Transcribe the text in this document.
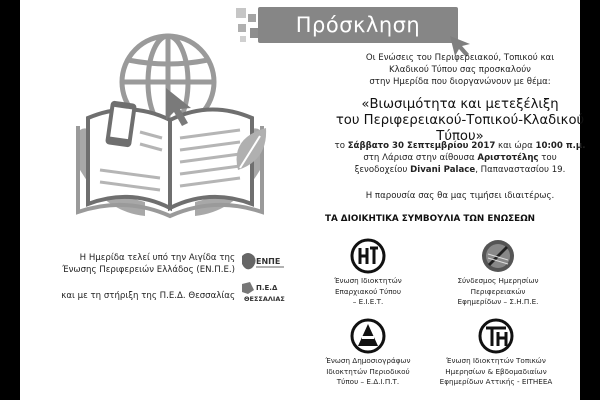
Πρόσκληση
Οι Ενώσεις του Περιφερειακού, Τοπικού και
Κλαδικού Τύπου σας προσκαλούν
στην Ημερίδα που διοργανώνουν με θέμα:
«Βιωσιμότητα και μετεξέλιξη
του Περιφερειακού-Τοπικού-Κλαδικού Τύπου»
το Σάββατο 30 Σεπτεμβρίου 2017 και ώρα 10:00 π.μ.
στη Λάρισα στην αίθουσα Αριστοτέλης του
ξενοδοχείου Divani Palace, Παπαναστασίου 19.
Η παρουσία σας θα μας τιμήσει ιδιαιτέρως.
Η Ημερίδα τελεί υπό την Αιγίδα της
Ένωσης Περιφερειών Ελλάδος (ΕΝ.Π.Ε.)
και με τη στήριξη της Π.Ε.Δ. Θεσσαλίας
ΕΝΠΕ
Π.Ε.Δ
ΘΕΣΣΑΛΙΑΣ
ΤΑ ΔΙΟΙΚΗΤΙΚΑ ΣΥΜΒΟΥΛΙΑ ΤΩΝ ΕΝΩΣΕΩΝ
Ένωση Ιδιοκτητών
Επαρχιακού Τύπου
– Ε.Ι.Ε.Τ.
Σύνδεσμος Ημερησίων
Περιφερειακών
Εφημερίδων – Σ.Η.Π.Ε.
Ένωση Δημοσιογράφων
Ιδιοκτητών Περιοδικού
Τύπου – Ε.Δ.Ι.Π.Τ.
Ένωση Ιδιοκτητών Τοπικών
Ημερησίων & Εβδομαδιαίων
Εφημερίδων Αττικής - ΕΙΤΗΕΕΑ
